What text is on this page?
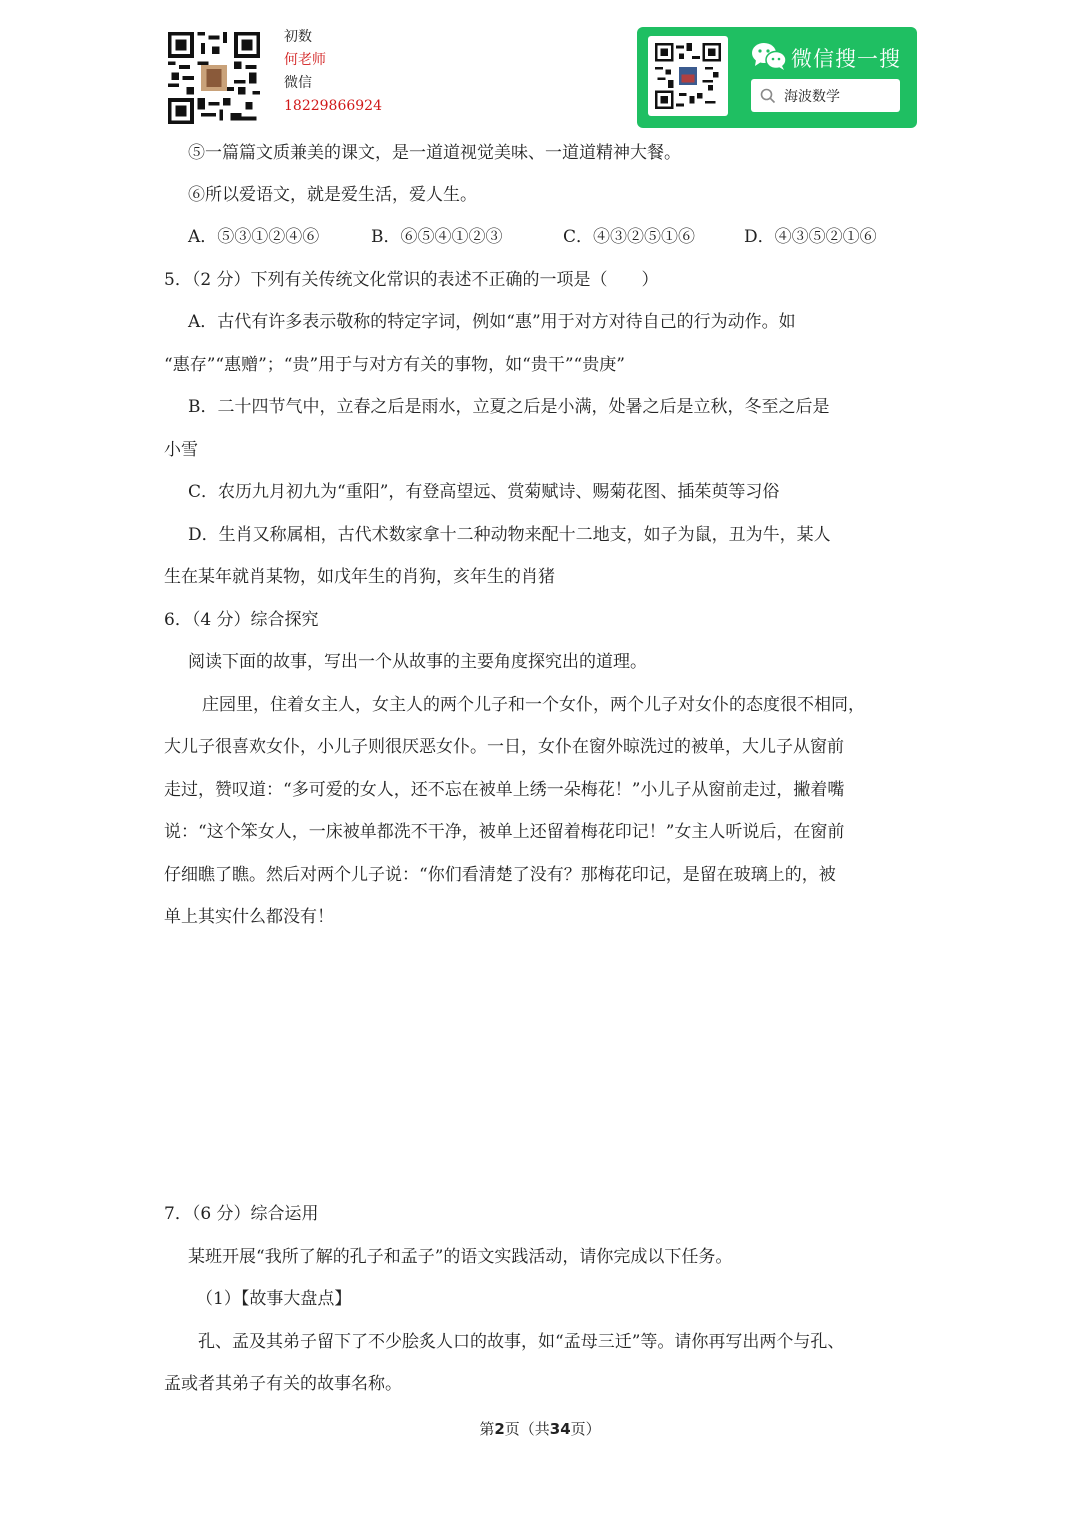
初数
何老师
微信
18229866924
微信搜一搜
海波数学
⑤一篇篇文质兼美的课文，是一道道视觉美味、一道道精神大餐。
⑥所以爱语文，就是爱生活，爱人生。
A．⑤③①②④⑥	B．⑥⑤④①②③	C．④③②⑤①⑥	D．④③⑤②①⑥
5．（2 分）下列有关传统文化常识的表述不正确的一项是（　　）
A．古代有许多表示敬称的特定字词，例如“惠”用于对方对待自己的行为动作。如
“惠存”“惠赠”；“贵”用于与对方有关的事物，如“贵干”“贵庚”
B．二十四节气中，立春之后是雨水，立夏之后是小满，处暑之后是立秋，冬至之后是
小雪
C．农历九月初九为“重阳”，有登高望远、赏菊赋诗、赐菊花图、插茱萸等习俗
D．生肖又称属相，古代术数家拿十二种动物来配十二地支，如子为鼠，丑为牛，某人
生在某年就肖某物，如戊年生的肖狗，亥年生的肖猪
6．（4 分）综合探究
阅读下面的故事，写出一个从故事的主要角度探究出的道理。
庄园里，住着女主人，女主人的两个儿子和一个女仆，两个儿子对女仆的态度很不相同，
大儿子很喜欢女仆，小儿子则很厌恶女仆。一日，女仆在窗外晾洗过的被单，大儿子从窗前
走过，赞叹道：“多可爱的女人，还不忘在被单上绣一朵梅花！”小儿子从窗前走过，撇着嘴
说：“这个笨女人，一床被单都洗不干净，被单上还留着梅花印记！”女主人听说后，在窗前
仔细瞧了瞧。然后对两个儿子说：“你们看清楚了没有？那梅花印记，是留在玻璃上的，被
单上其实什么都没有！
7．（6 分）综合运用
某班开展“我所了解的孔子和孟子”的语文实践活动，请你完成以下任务。
（1）【故事大盘点】
孔、孟及其弟子留下了不少脍炙人口的故事，如“孟母三迁”等。请你再写出两个与孔、
孟或者其弟子有关的故事名称。
第2页（共34页）
